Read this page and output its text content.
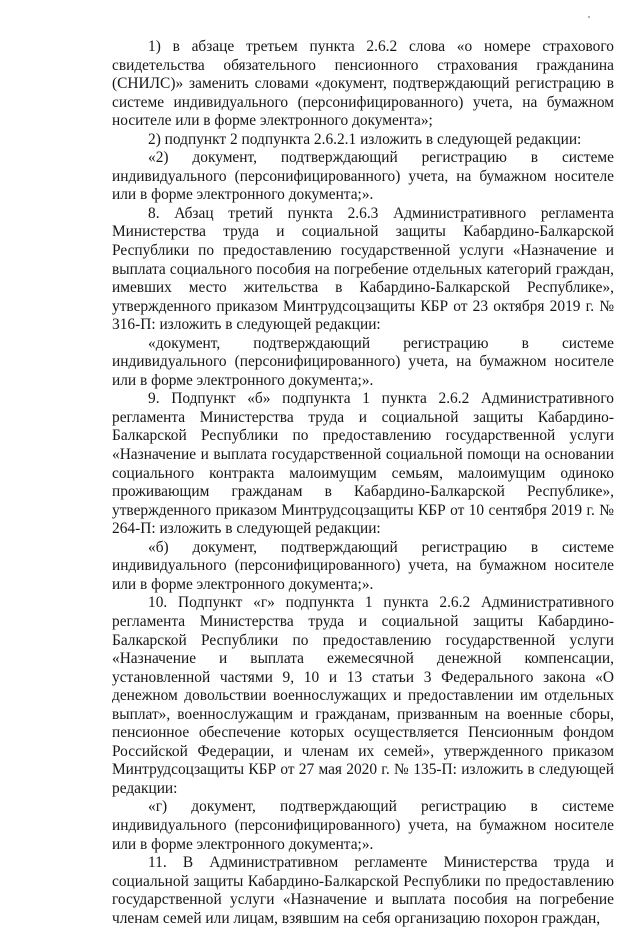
1) в абзаце третьем пункта 2.6.2 слова «о номере страхового свидетельства обязательного пенсионного страхования гражданина (СНИЛС)» заменить словами «документ, подтверждающий регистрацию в системе индивидуального (персонифицированного) учета, на бумажном носителе или в форме электронного документа»;

2) подпункт 2 подпункта 2.6.2.1 изложить в следующей редакции:

«2) документ, подтверждающий регистрацию в системе индивидуального (персонифицированного) учета, на бумажном носителе или в форме электронного документа;».

8. Абзац третий пункта 2.6.3 Административного регламента Министерства труда и социальной защиты Кабардино-Балкарской Республики по предоставлению государственной услуги «Назначение и выплата социального пособия на погребение отдельных категорий граждан, имевших место жительства в Кабардино-Балкарской Республике», утвержденного приказом Минтрудсоцзащиты КБР от 23 октября 2019 г. № 316-П: изложить в следующей редакции:

«документ, подтверждающий регистрацию в системе индивидуального (персонифицированного) учета, на бумажном носителе или в форме электронного документа;».

9. Подпункт «б» подпункта 1 пункта 2.6.2 Административного регламента Министерства труда и социальной защиты Кабардино-Балкарской Республики по предоставлению государственной услуги «Назначение и выплата государственной социальной помощи на основании социального контракта малоимущим семьям, малоимущим одиноко проживающим гражданам в Кабардино-Балкарской Республике», утвержденного приказом Минтрудсоцзащиты КБР от 10 сентября 2019 г. № 264-П: изложить в следующей редакции:

«б) документ, подтверждающий регистрацию в системе индивидуального (персонифицированного) учета, на бумажном носителе или в форме электронного документа;».

10. Подпункт «г» подпункта 1 пункта 2.6.2 Административного регламента Министерства труда и социальной защиты Кабардино-Балкарской Республики по предоставлению государственной услуги «Назначение и выплата ежемесячной денежной компенсации, установленной частями 9, 10 и 13 статьи 3 Федерального закона «О денежном довольствии военнослужащих и предоставлении им отдельных выплат», военнослужащим и гражданам, призванным на военные сборы, пенсионное обеспечение которых осуществляется Пенсионным фондом Российской Федерации, и членам их семей», утвержденного приказом Минтрудсоцзащиты КБР от 27 мая 2020 г. № 135-П: изложить в следующей редакции:

«г) документ, подтверждающий регистрацию в системе индивидуального (персонифицированного) учета, на бумажном носителе или в форме электронного документа;».

11. В Административном регламенте Министерства труда и социальной защиты Кабардино-Балкарской Республики по предоставлению государственной услуги «Назначение и выплата пособия на погребение членам семей или лицам, взявшим на себя организацию похорон граждан,
